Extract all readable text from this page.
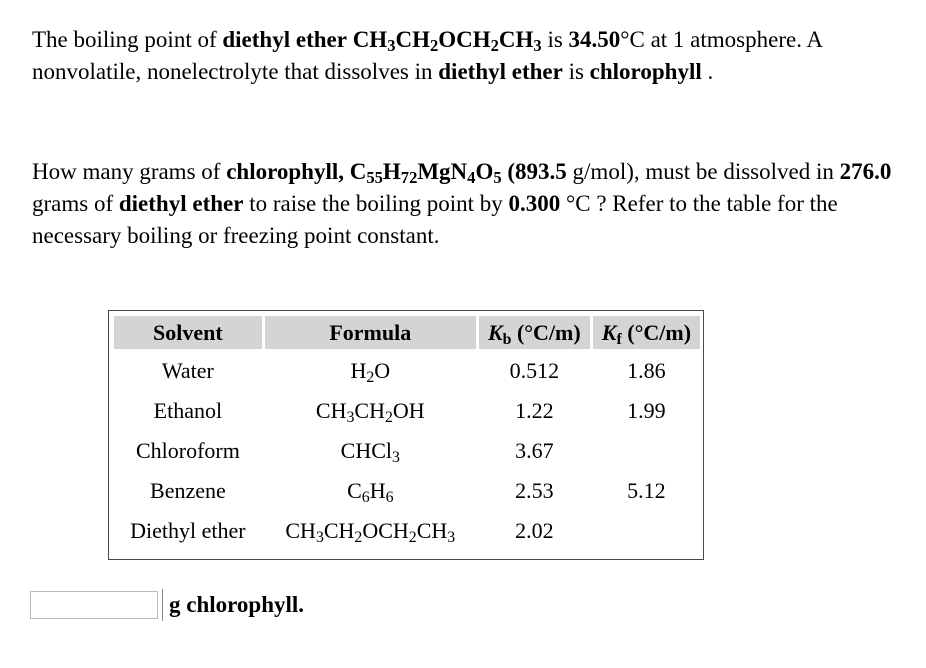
The boiling point of diethyl ether $CH_3CH_2OCH_2CH_3$ is 34.50°C at 1 atmosphere. A nonvolatile, nonelectrolyte that dissolves in diethyl ether is chlorophyll .

How many grams of chlorophyll, $C_{55}H_{72}MgN_4O_5$ (893.5 g/mol), must be dissolved in 276.0 grams of diethyl ether to raise the boiling point by 0.300 °C ? Refer to the table for the necessary boiling or freezing point constant.

Solvent	Formula	$K_b$ (°C/m)	$K_f$ (°C/m)
Water	$H_2O$	0.512	1.86
Ethanol	$CH_3CH_2OH$	1.22	1.99
Chloroform	CHCl$_3$	3.67	
Benzene	$C_6H_6$	2.53	5.12
Diethyl ether	$CH_3CH_2OCH_2CH_3$	2.02	
g chlorophyll.
